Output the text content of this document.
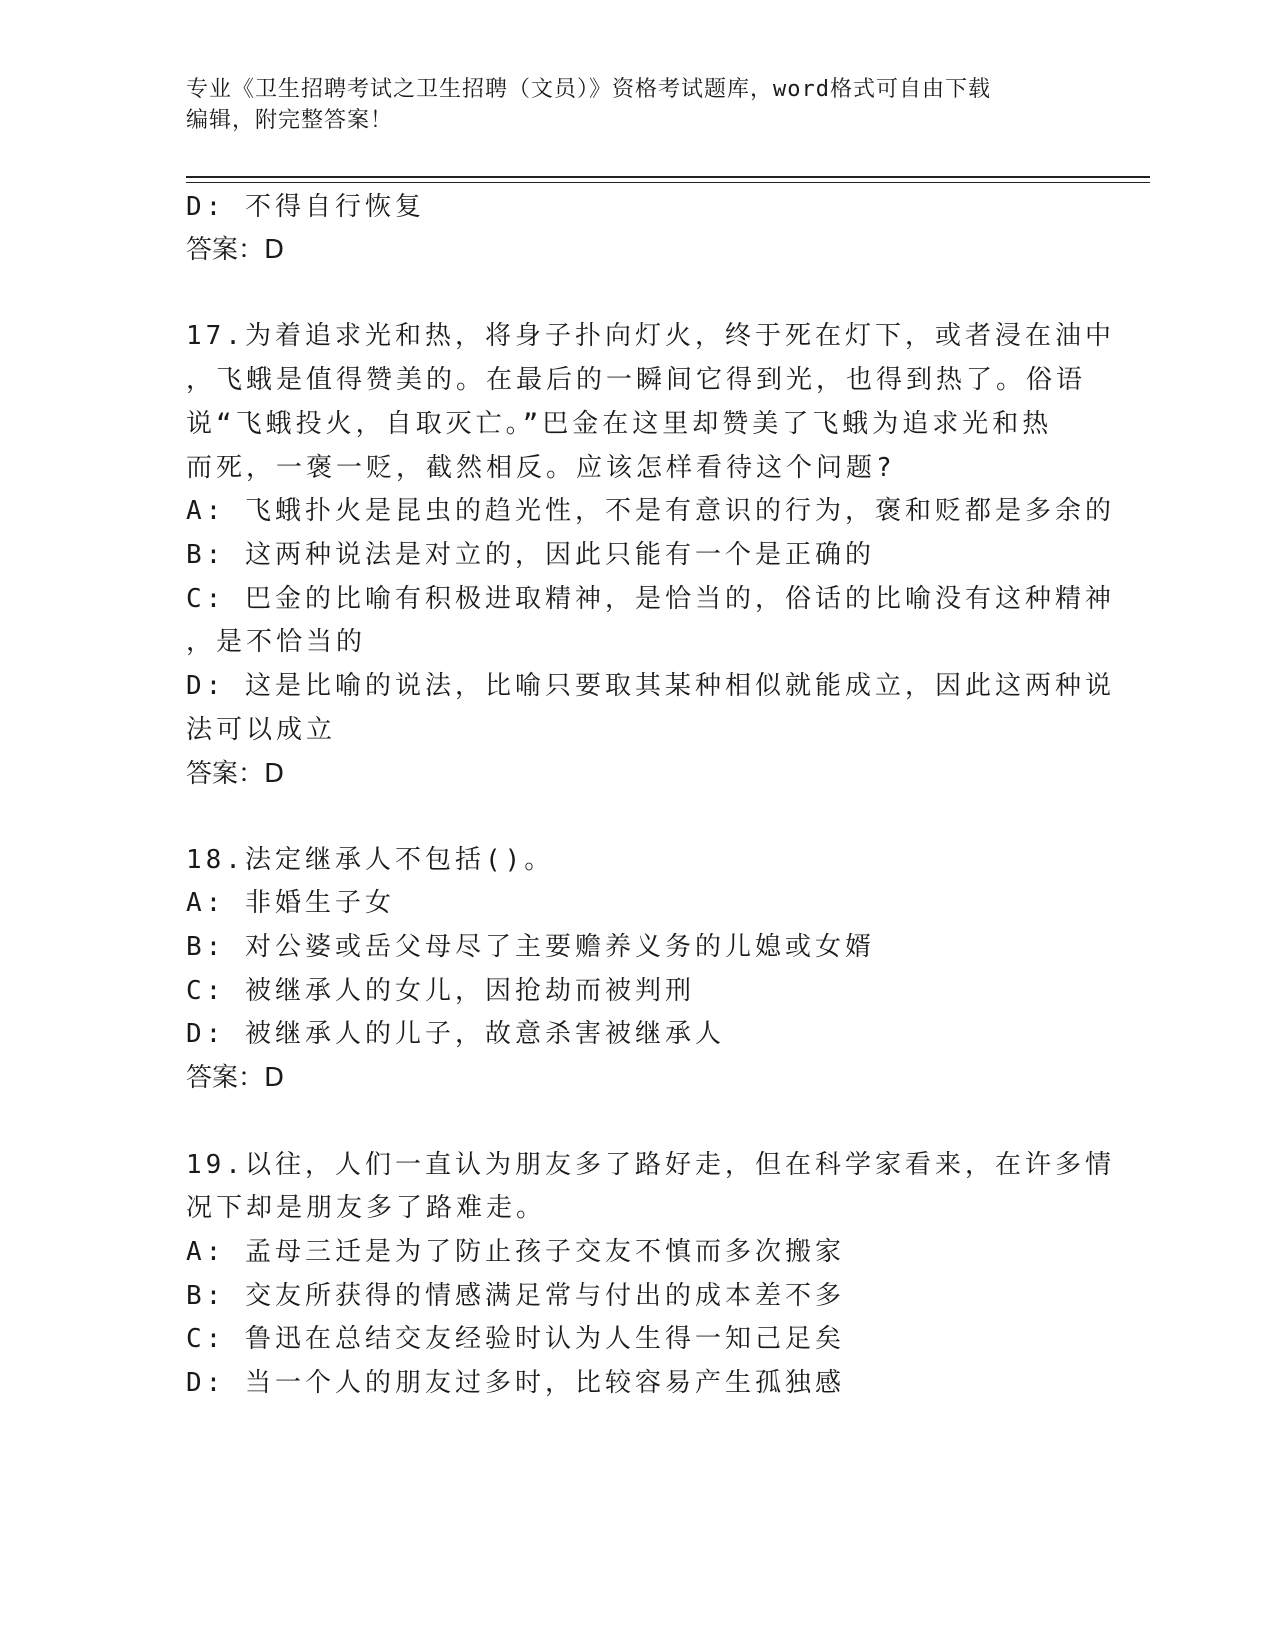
专业《卫生招聘考试之卫生招聘（文员）》资格考试题库，word格式可自由下载
编辑，附完整答案！
D: 不得自行恢复
答案：D
17.为着追求光和热，将身子扑向灯火，终于死在灯下，或者浸在油中
，飞蛾是值得赞美的。在最后的一瞬间它得到光，也得到热了。俗语
说“飞蛾投火，自取灭亡。”巴金在这里却赞美了飞蛾为追求光和热
而死，一褒一贬，截然相反。应该怎样看待这个问题?
A: 飞蛾扑火是昆虫的趋光性，不是有意识的行为，褒和贬都是多余的
B: 这两种说法是对立的，因此只能有一个是正确的
C: 巴金的比喻有积极进取精神，是恰当的，俗话的比喻没有这种精神
，是不恰当的
D: 这是比喻的说法，比喻只要取其某种相似就能成立，因此这两种说
法可以成立
答案：D
18.法定继承人不包括()。
A: 非婚生子女
B: 对公婆或岳父母尽了主要赡养义务的儿媳或女婿
C: 被继承人的女儿，因抢劫而被判刑
D: 被继承人的儿子，故意杀害被继承人
答案：D
19.以往，人们一直认为朋友多了路好走，但在科学家看来，在许多情
况下却是朋友多了路难走。
A: 孟母三迁是为了防止孩子交友不慎而多次搬家
B: 交友所获得的情感满足常与付出的成本差不多
C: 鲁迅在总结交友经验时认为人生得一知己足矣
D: 当一个人的朋友过多时，比较容易产生孤独感
